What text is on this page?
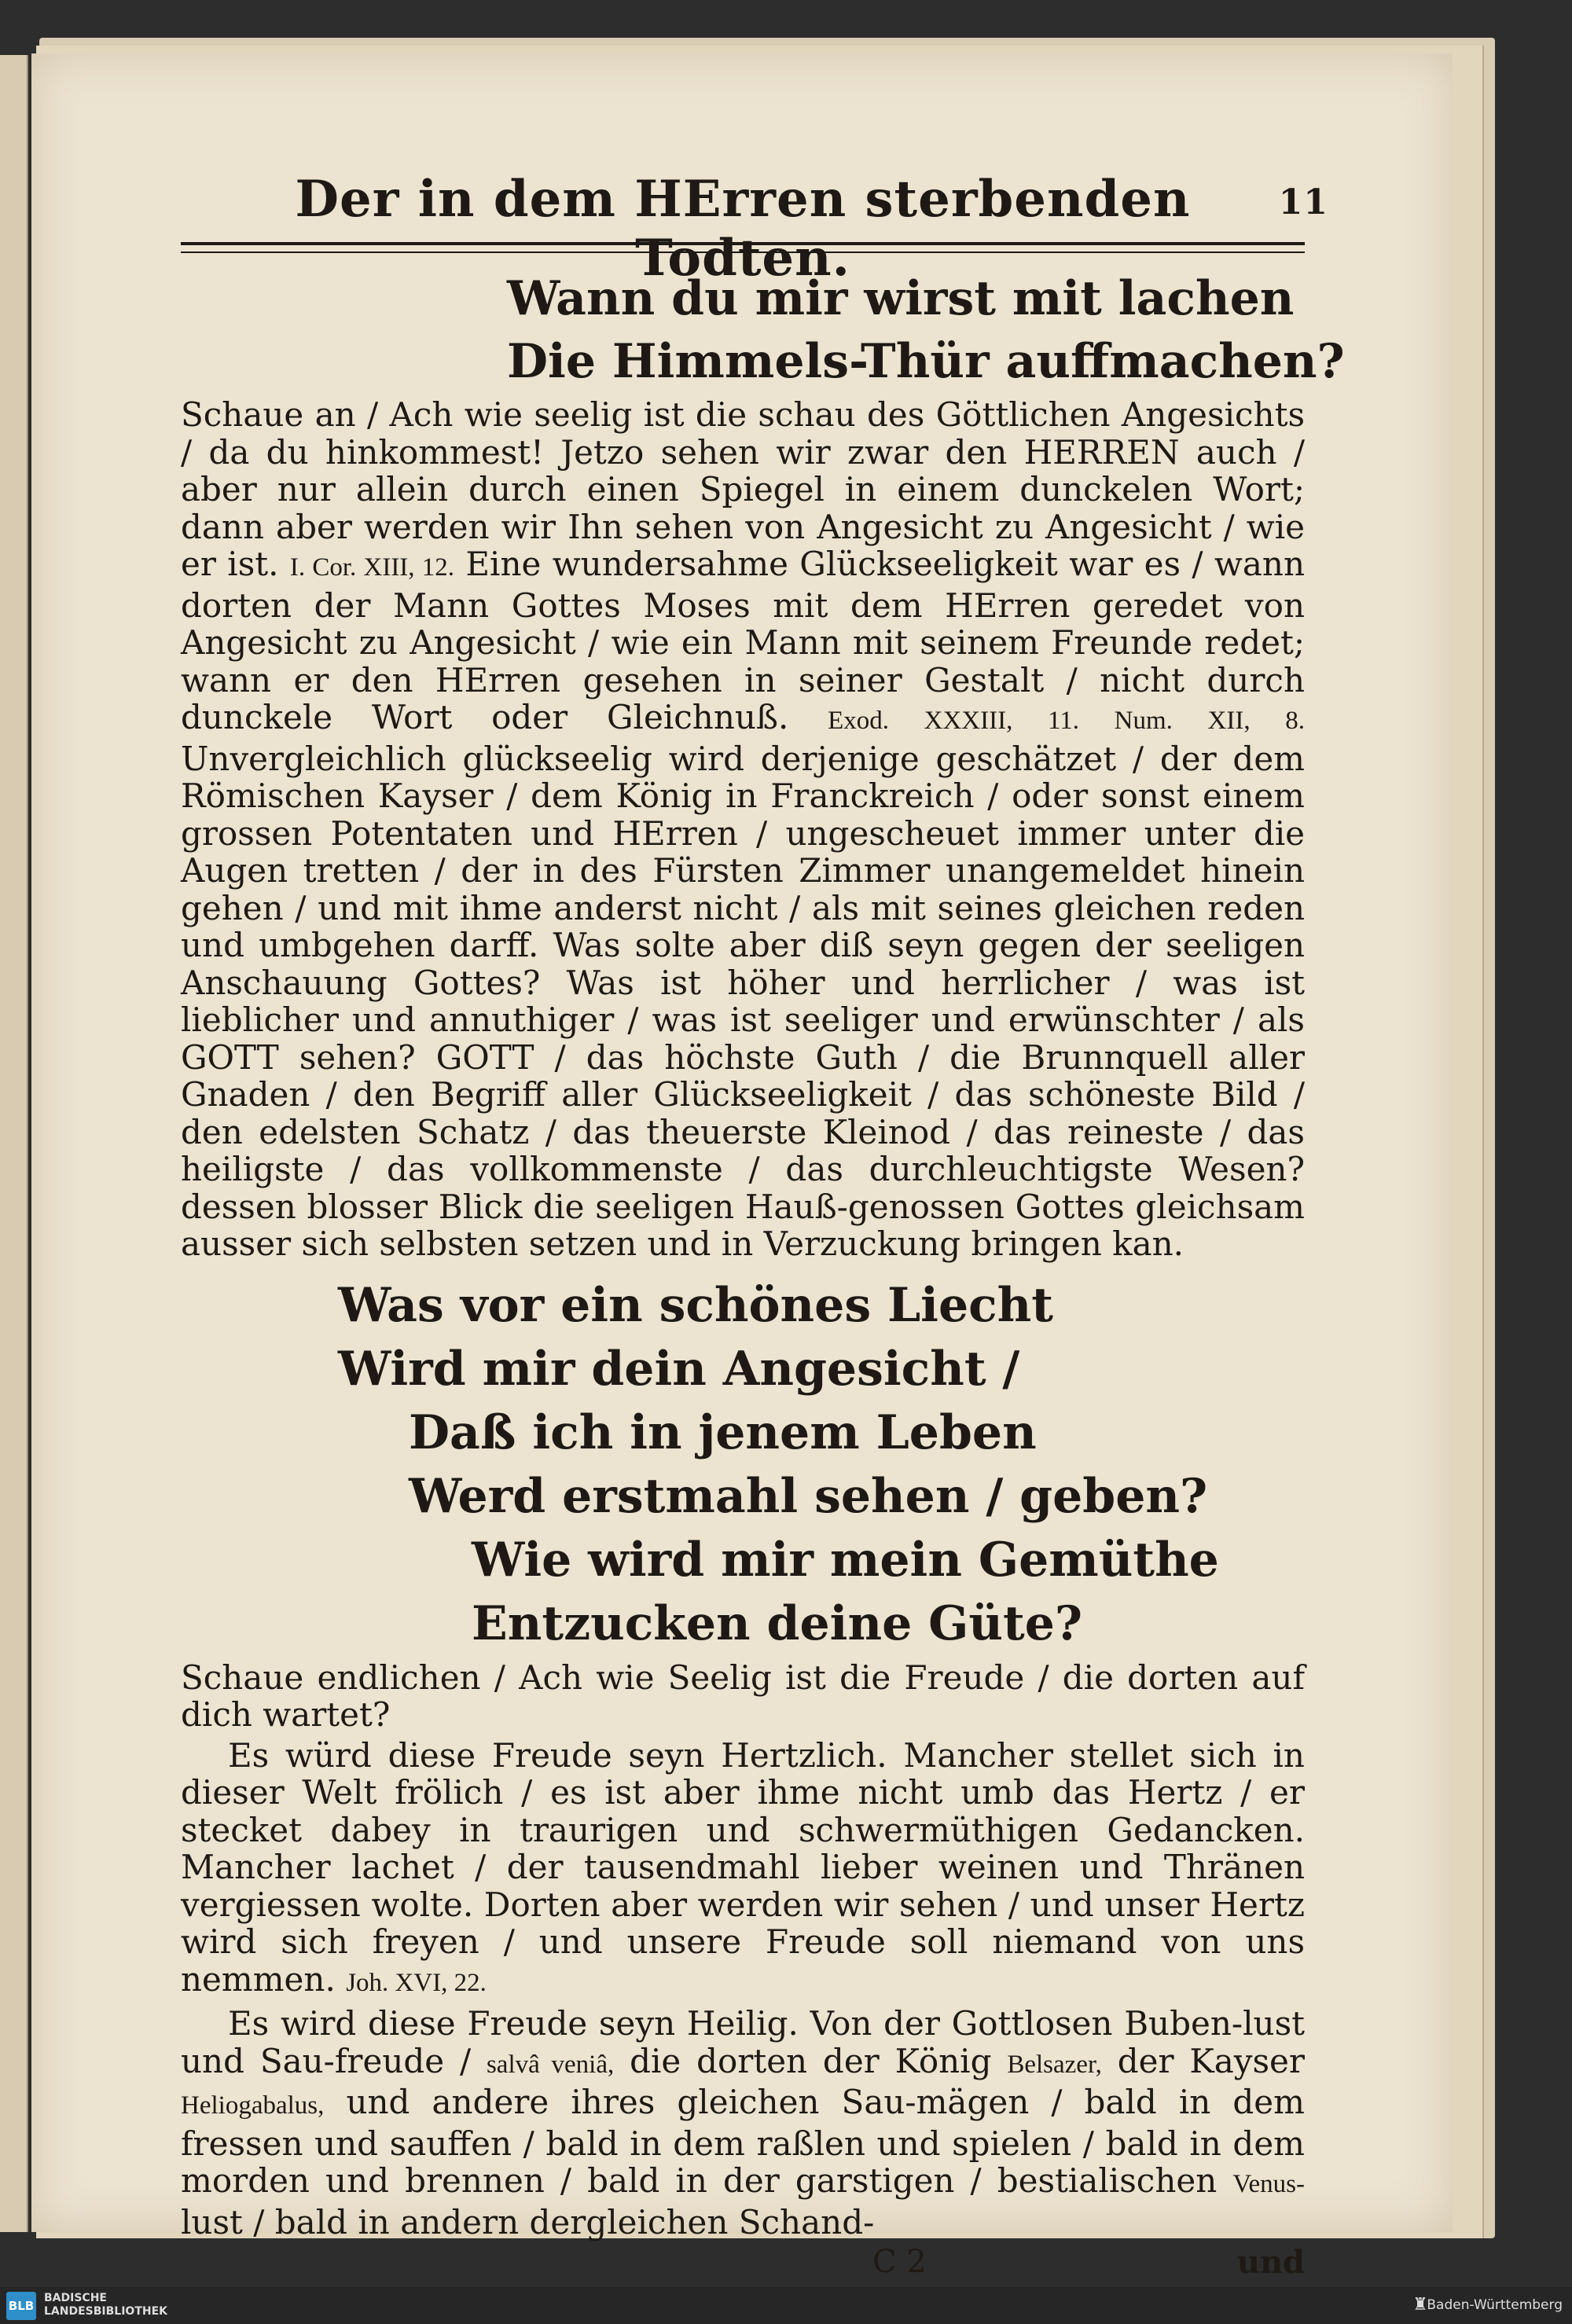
Der in dem HErren sterbenden Todten.
11
Wann du mir wirst mit lachen
Die Himmels-Thür auffmachen?

Schaue an / Ach wie seelig ist die schau des Göttlichen Angesichts / da du hinkommest! Jetzo sehen wir zwar den HERREN auch / aber nur allein durch einen Spiegel in einem dunckelen Wort; dann aber werden wir Ihn sehen von Angesicht zu Angesicht / wie er ist. I. Cor. XIII, 12. Eine wundersahme Glückseeligkeit war es / wann dorten der Mann Gottes Moses mit dem HErren geredet von Angesicht zu Angesicht / wie ein Mann mit seinem Freunde redet; wann er den HErren gesehen in seiner Gestalt / nicht durch dunckele Wort oder Gleichnuß. Exod. XXXIII, 11. Num. XII, 8. Unvergleichlich glückseelig wird derjenige geschätzet / der dem Römischen Kayser / dem König in Franckreich / oder sonst einem grossen Potentaten und HErren / ungescheuet immer unter die Augen tretten / der in des Fürsten Zimmer unangemeldet hinein gehen / und mit ihme anderst nicht / als mit seines gleichen reden und umbgehen darff. Was solte aber diß seyn gegen der seeligen Anschauung Gottes? Was ist höher und herrlicher / was ist lieblicher und annuthiger / was ist seeliger und erwünschter / als GOTT sehen? GOTT / das höchste Guth / die Brunnquell aller Gnaden / den Begriff aller Glückseeligkeit / das schöneste Bild / den edelsten Schatz / das theuerste Kleinod / das reineste / das heiligste / das vollkommenste / das durchleuchtigste Wesen? dessen blosser Blick die seeligen Hauß-genossen Gottes gleichsam ausser sich selbsten setzen und in Verzuckung bringen kan.

Was vor ein schönes Liecht
Wird mir dein Angesicht /
Daß ich in jenem Leben
Werd erstmahl sehen / geben?
Wie wird mir mein Gemüthe
Entzucken deine Güte?

Schaue endlichen / Ach wie Seelig ist die Freude / die dorten auf dich wartet?

Es würd diese Freude seyn Hertzlich. Mancher stellet sich in dieser Welt frölich / es ist aber ihme nicht umb das Hertz / er stecket dabey in traurigen und schwermüthigen Gedancken. Mancher lachet / der tausendmahl lieber weinen und Thränen vergiessen wolte. Dorten aber werden wir sehen / und unser Hertz wird sich freyen / und unsere Freude soll niemand von uns nemmen. Joh. XVI, 22.

Es wird diese Freude seyn Heilig. Von der Gottlosen Buben-lust und Sau-freude / salvâ veniâ, die dorten der König Belsazer, der Kayser Heliogabalus, und andere ihres gleichen Sau-mägen / bald in dem fressen und sauffen / bald in dem raßlen und spielen / bald in dem morden und brennen / bald in der garstigen / bestialischen Venus- lust / bald in andern dergleichen Schand-

C 2	und
BLB
BADISCHE
LANDESBIBLIOTHEK	♜
Baden-Württemberg
